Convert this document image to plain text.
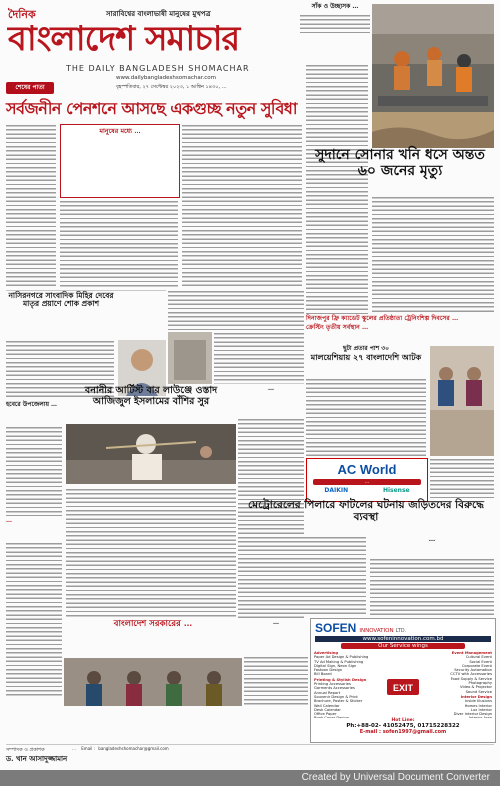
দৈনিক	সারাবিশ্বের বাংলাভাষী মানুষের মুখপত্র
বাংলাদেশ সমাচার
THE DAILY BANGLADESH SHOMACHAR
www.dailybangladeshsomachar.com
বৃহস্পতিবার, ২৭ সেপ্টেম্বর ২০২৩, ১ আশ্বিন ১৪৩০, …
শেষের পাতা
সাঁক ও উচ্ছাসক …
সর্বজনীন পেনশনে আসছে একগুচ্ছ নতুন সুবিধা
মানুষের মধ্যে …
সুদানে সোনার খনি ধসে অন্তত ৬০ জনের মৃত্যু
নাসিরনগরে সাংবাদিক মিহির দেবের মাতৃর প্রয়াণে শোক প্রকাশ
হবেরে উপজেলায় …
…
বনানীর আর্টিস্ট বার লাউঞ্জে ওস্তাদ আজিজুল ইসলামের বাঁশির সুর
…
দিনাজপুর ফ্রি ক্যাডেট স্কুলের প্রতিষ্ঠাতা ট্রেনিংশিল্প দিবসের …
ক্রেস্টিং তৃতীয় সর্বস্থান …
ছুটা প্রতার পাশ ৩০
মালয়েশিয়ায় ২৭ বাংলাদেশি আটক
AC World
…
DAIKIN	Hisense
মেট্রোরেলের পিলারে ফাটলের ঘটনায় জড়িতদের বিরুদ্ধে ব্যবস্থা
…
বাংলাদেশ সরকারের …	…	SOFEN INNOVATION LTD.
www.sofeninnovation.com.bd
Our Service wings
Advertising
Paper Ad Design & Publishing
TV Ad Making & Publishing
Digital Sign, Neon Sign
Fastoon Design
Bill Board
Printing & Stylish Design
Printing Accessories
Garments Accessories
Annual Report
Souvenir Design & Print
Brochure, Poster & Sticker
Wall Calendar
Desk Calendar
Office Paper
EXIT
Event Management
Cultural Event
Social Event
Corporate Event
Security Automation
CCTV with Accessories
Food Supply & Service
Photography
Video & Projector
Sound Service
Interior Design
Inside Illusions
Homes Interior
Lux Interior
Diver Interior Design
Hot Line:
Ph:+88-02- 41052475, 01715228322
E-mail : sofen1997@gmail.com
সম্পাদক ও প্রকাশক
ড. খান আসাদুজ্জামান
… Email : bangladeshshomachar@gmail.com
Created by Universal Document Converter
